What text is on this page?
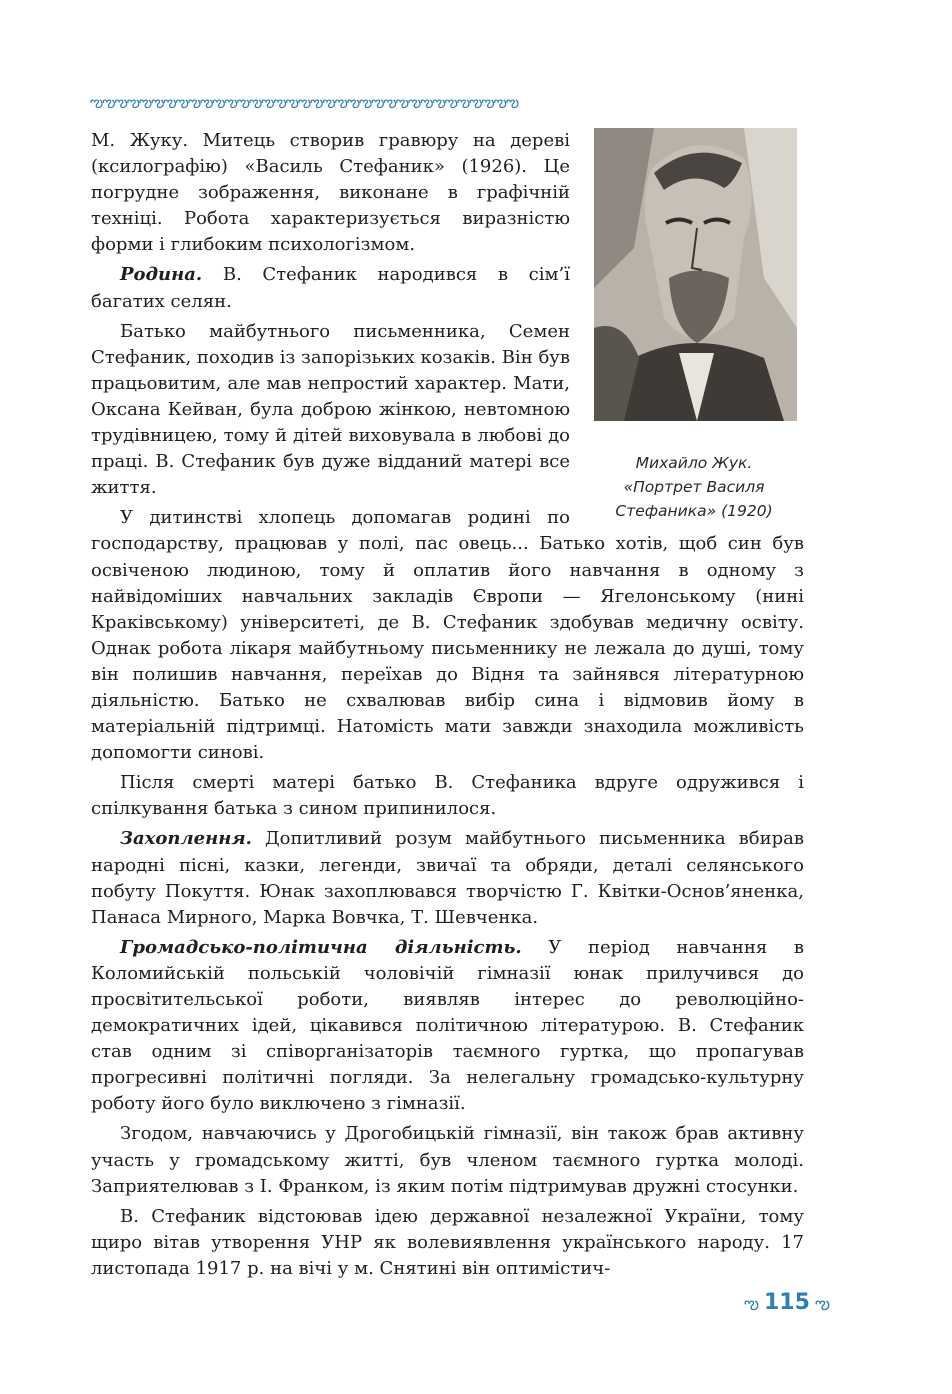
ఌఌఌఌఌఌఌఌఌఌఌఌఌఌఌఌఌఌఌఌఌఌఌఌఌఌఌఌఌఌఌఌఌఌఌ
Михайло Жук.
«Портрет Василя
Стефаника» (1920)

М. Жуку. Митець створив гравюру на дереві (ксилографію) «Василь Стефаник» (1926). Це погрудне зображення, виконане в графічній техніці. Робота характеризується виразністю форми і глибоким психологізмом.

Родина. В. Стефаник народився в сім’ї багатих селян.

Батько майбутнього письменника, Семен Стефаник, походив із запорізьких козаків. Він був працьовитим, але мав непростий характер. Мати, Оксана Кейван, була доброю жінкою, невтомною трудівницею, тому й дітей виховувала в любові до праці. В. Стефаник був дуже відданий матері все життя.

У дитинстві хлопець допомагав родині по господарству, працював у полі, пас овець... Батько хотів, щоб син був освіченою людиною, тому й оплатив його навчання в одному з найвідоміших навчальних закладів Європи — Ягелонському (нині Краківському) університеті, де В. Стефаник здобував медичну освіту. Однак робота лікаря майбутньому письменнику не лежала до душі, тому він полишив навчання, переїхав до Відня та зайнявся літературною діяльністю. Батько не схвалював вибір сина і відмовив йому в матеріальній підтримці. Натомість мати завжди знаходила можливість допомогти синові.

Після смерті матері батько В. Стефаника вдруге одружився і спілкування батька з сином припинилося.

Захоплення. Допитливий розум майбутнього письменника вбирав народні пісні, казки, легенди, звичаї та обряди, деталі селянського побуту Покуття. Юнак захоплювався творчістю Г. Квітки-Основ’яненка, Панаса Мирного, Марка Вовчка, Т. Шевченка.

Громадсько-політична діяльність. У період навчання в Коломийській польській чоловічій гімназії юнак прилучився до просвітительської роботи, виявляв інтерес до революційно-демократичних ідей, цікавився політичною літературою. В. Стефаник став одним зі співорганізаторів таємного гуртка, що пропагував прогресивні політичні погляди. За нелегальну громадсько-культурну роботу його було виключено з гімназії.

Згодом, навчаючись у Дрогобицькій гімназії, він також брав активну участь у громадському житті, був членом таємного гуртка молоді. Заприятелював з І. Франком, із яким потім підтримував дружні стосунки.

В. Стефаник відстоював ідею державної незалежної України, тому щиро вітав утворення УНР як волевиявлення українського народу. 17 листопада 1917 р. на вічі у м. Снятині він оптимістич-

ఌ 115 ఌ
